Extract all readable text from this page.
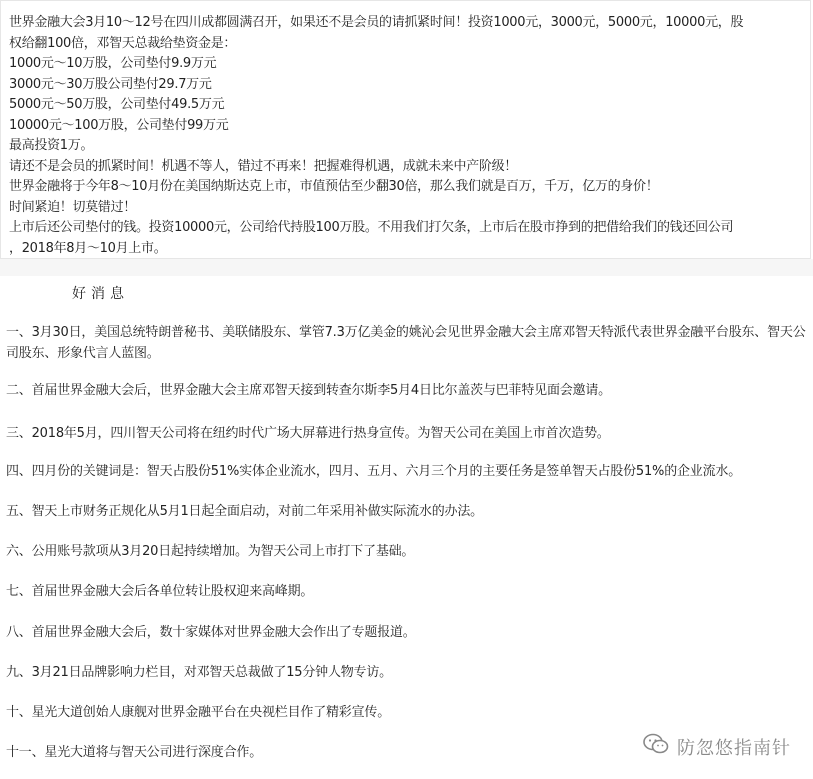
世界金融大会3月10～12号在四川成都圆满召开，如果还不是会员的请抓紧时间！投资1000元，3000元，5000元，10000元，股
权给翻100倍，邓智天总裁给垫资金是：
1000元～10万股，公司垫付9.9万元
3000元～30万股公司垫付29.7万元
5000元～50万股，公司垫付49.5万元
10000元～100万股，公司垫付99万元
最高投资1万。
请还不是会员的抓紧时间！机遇不等人，错过不再来！把握难得机遇，成就未来中产阶级！
世界金融将于今年8～10月份在美国纳斯达克上市，市值预估至少翻30倍，那么我们就是百万，千万，亿万的身价！
时间紧迫！切莫错过！
上市后还公司垫付的钱。投资10000元，公司给代持股100万股。不用我们打欠条，上市后在股市挣到的把借给我们的钱还回公司
，2018年8月～10月上市。
好消息
一、3月30日，美国总统特朗普秘书、美联储股东、掌管7.3万亿美金的姚沁会见世界金融大会主席邓智天特派代表世界金融平台股东、智天公司股东、形象代言人蓝图。
二、首届世界金融大会后，世界金融大会主席邓智天接到转查尔斯李5月4日比尔盖茨与巴菲特见面会邀请。
三、2018年5月，四川智天公司将在纽约时代广场大屏幕进行热身宣传。为智天公司在美国上市首次造势。
四、四月份的关键词是：智天占股份51%实体企业流水，四月、五月、六月三个月的主要任务是签单智天占股份51%的企业流水。
五、智天上市财务正规化从5月1日起全面启动，对前二年采用补做实际流水的办法。
六、公用账号款项从3月20日起持续增加。为智天公司上市打下了基础。
七、首届世界金融大会后各单位转让股权迎来高峰期。
八、首届世界金融大会后，数十家媒体对世界金融大会作出了专题报道。
九、3月21日品牌影响力栏目，对邓智天总裁做了15分钟人物专访。
十、星光大道创始人康舰对世界金融平台在央视栏目作了精彩宣传。
十一、星光大道将与智天公司进行深度合作。	防忽悠指南针
